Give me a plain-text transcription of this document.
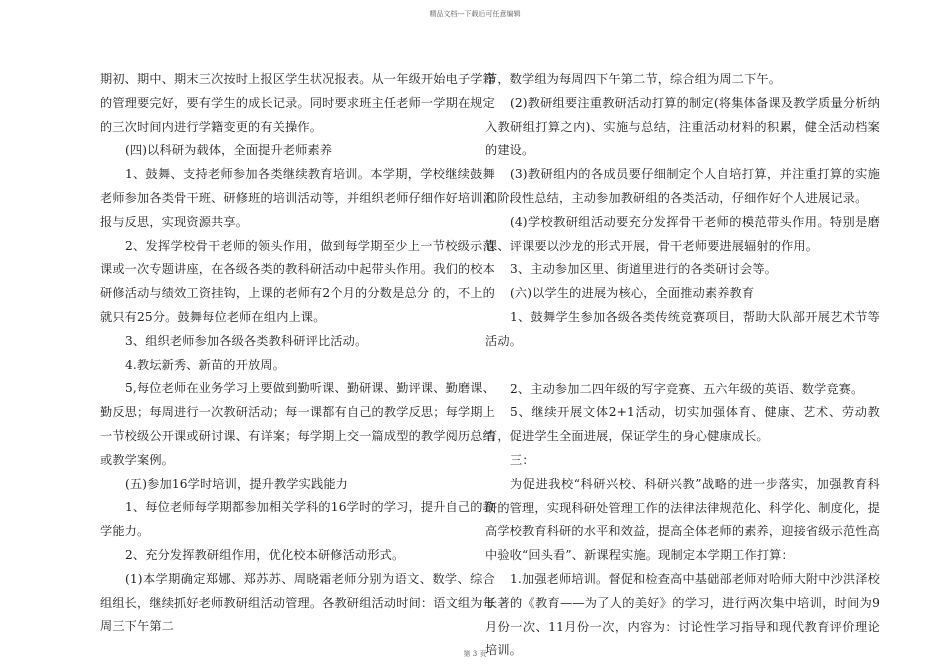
精品文档---下载后可任意编辑

期初、期中、期末三次按时上报区学生状况报表。从一年级开始电子学籍的管理要完好，要有学生的成长记录。同时要求班主任老师一学期在规定的三次时间内进行学籍变更的有关操作。

(四)以科研为载体，全面提升老师素养

1、鼓舞、支持老师参加各类继续教育培训。本学期，学校继续鼓舞老师参加各类骨干班、研修班的培训活动等，并组织老师仔细作好培训汇报与反思，实现资源共享。

2、发挥学校骨干老师的领头作用，做到每学期至少上一节校级示范课或一次专题讲座，在各级各类的教科研活动中起带头作用。我们的校本研修活动与绩效工资挂钩，上课的老师有2个月的分数是总分 的，不上的就只有25分。鼓舞每位老师在组内上课。

3、组织老师参加各级各类教科研评比活动。

4.教坛新秀、新苗的开放周。

5,每位老师在业务学习上要做到勤听课、勤研课、勤评课、勤磨课、勤反思；每周进行一次教研活动；每一课都有自己的教学反思；每学期上一节校级公开课或研讨课、有详案；每学期上交一篇成型的教学阅历总结或教学案例。

(五)参加16学时培训，提升教学实践能力

1、每位老师每学期都参加相关学科的16学时的学习，提升自己的教学能力。

2、充分发挥教研组作用，优化校本研修活动形式。

(1)本学期确定郑娜、郑苏苏、周晓霜老师分别为语文、数学、综合组组长，继续抓好老师教研组活动管理。各教研组活动时间：语文组为每周三下午第二

节，数学组为每周四下午第二节，综合组为周二下午。

(2)教研组要注重教研活动打算的制定(将集体备课及教学质量分析纳入教研组打算之内)、实施与总结，注重活动材料的积累，健全活动档案的建设。

(3)教研组内的各成员要仔细制定个人自培打算，并注重打算的实施和阶段性总结，主动参加教研组的各类活动，仔细作好个人进展记录。

(4)学校教研组活动要充分发挥骨干老师的模范带头作用。特别是磨课、评课要以沙龙的形式开展，骨干老师要进展辐射的作用。

3、主动参加区里、街道里进行的各类研讨会等。

(六)以学生的进展为核心，全面推动素养教育

1、鼓舞学生参加各级各类传统竞赛项目，帮助大队部开展艺术节等活动。

2、主动参加二四年级的写字竞赛、五六年级的英语、数学竞赛。

5、继续开展文体2+1活动，切实加强体育、健康、艺术、劳动教育，促进学生全面进展，保证学生的身心健康成长。

三：

为促进我校“科研兴校、科研兴教”战略的进一步落实，加强教育科研的管理，实现科研处管理工作的法律法律规范化、科学化、制度化，提高学校教育科研的水平和效益，提高全体老师的素养，迎接省级示范性高中验收“回头看”、新课程实施。现制定本学期工作打算：

1.加强老师培训。督促和检查高中基础部老师对哈师大附中沙洪泽校长著的《教育——为了人的美好》的学习，进行两次集中培训，时间为9月份一次、11月份一次，内容为：讨论性学习指导和现代教育评价理论培训。

第 3 页
